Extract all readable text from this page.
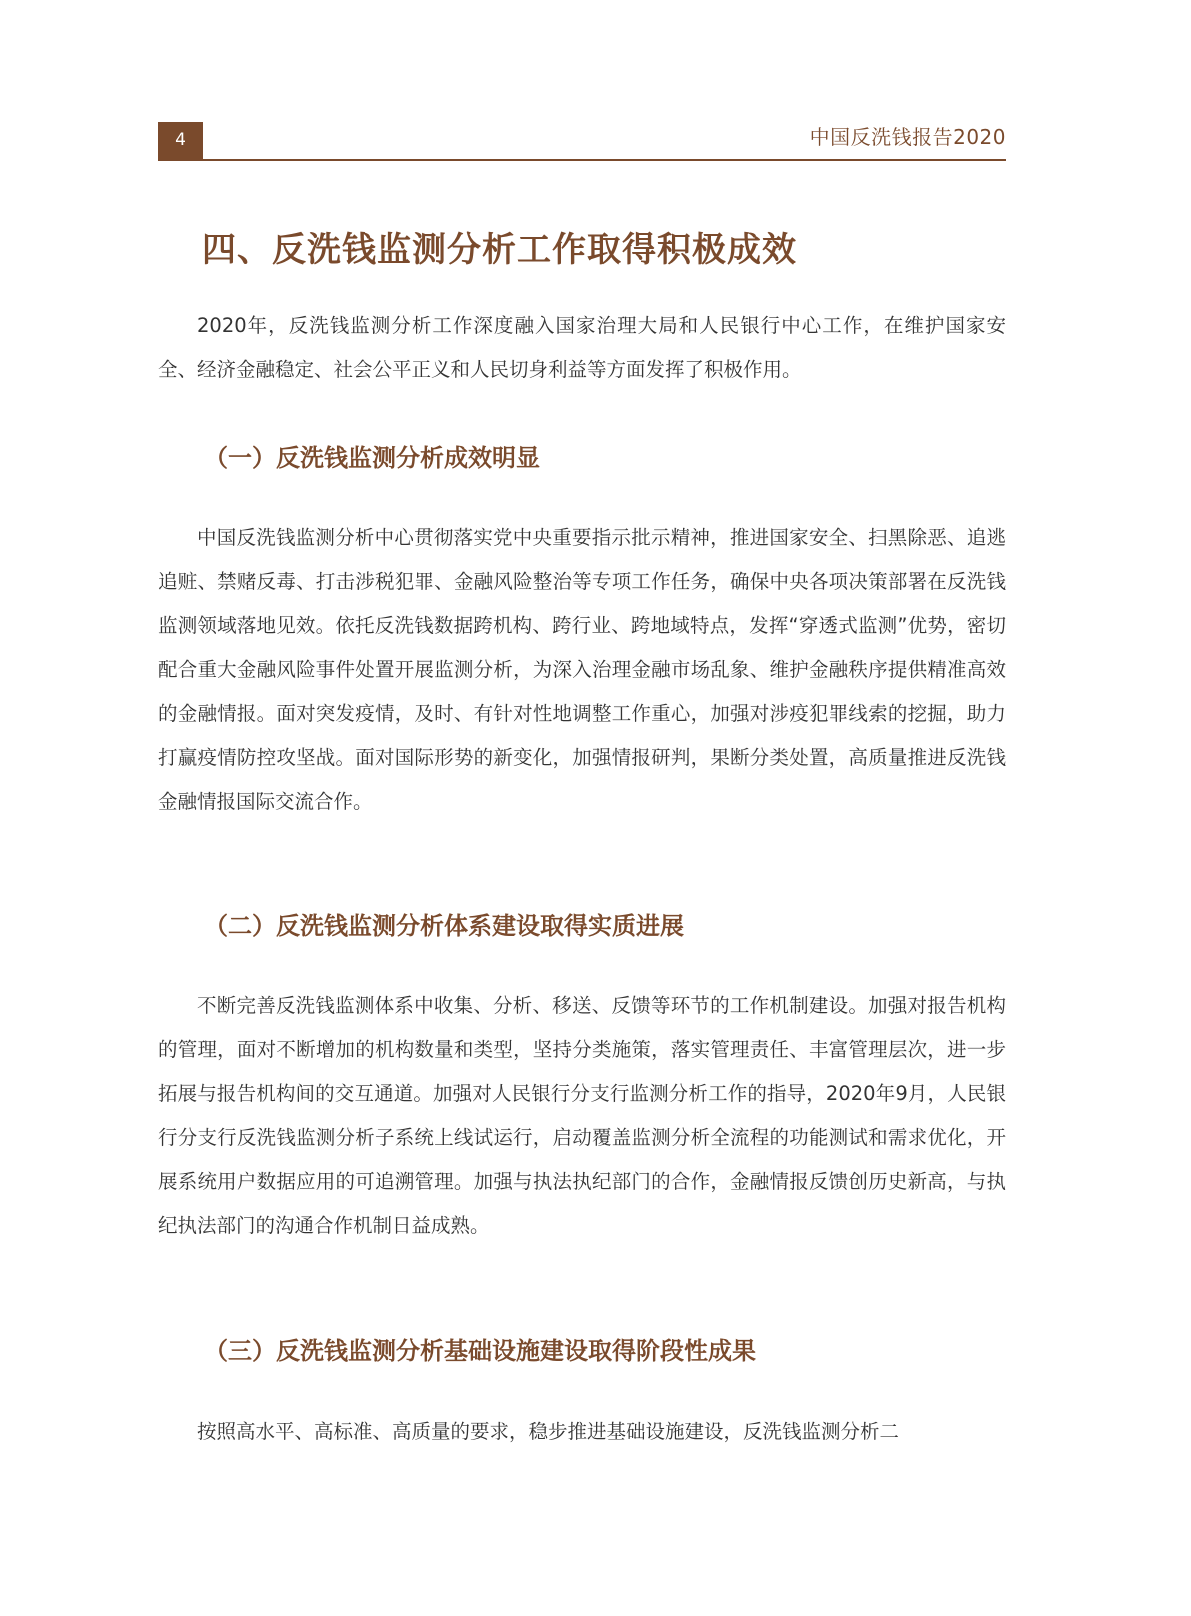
4	中国反洗钱报告2020
四、反洗钱监测分析工作取得积极成效

2020年，反洗钱监测分析工作深度融入国家治理大局和人民银行中心工作，在维护国家安全、经济金融稳定、社会公平正义和人民切身利益等方面发挥了积极作用。

（一）反洗钱监测分析成效明显

中国反洗钱监测分析中心贯彻落实党中央重要指示批示精神，推进国家安全、扫黑除恶、追逃追赃、禁赌反毒、打击涉税犯罪、金融风险整治等专项工作任务，确保中央各项决策部署在反洗钱监测领域落地见效。依托反洗钱数据跨机构、跨行业、跨地域特点，发挥“穿透式监测”优势，密切配合重大金融风险事件处置开展监测分析，为深入治理金融市场乱象、维护金融秩序提供精准高效的金融情报。面对突发疫情，及时、有针对性地调整工作重心，加强对涉疫犯罪线索的挖掘，助力打赢疫情防控攻坚战。面对国际形势的新变化，加强情报研判，果断分类处置，高质量推进反洗钱金融情报国际交流合作。

（二）反洗钱监测分析体系建设取得实质进展

不断完善反洗钱监测体系中收集、分析、移送、反馈等环节的工作机制建设。加强对报告机构的管理，面对不断增加的机构数量和类型，坚持分类施策，落实管理责任、丰富管理层次，进一步拓展与报告机构间的交互通道。加强对人民银行分支行监测分析工作的指导，2020年9月，人民银行分支行反洗钱监测分析子系统上线试运行，启动覆盖监测分析全流程的功能测试和需求优化，开展系统用户数据应用的可追溯管理。加强与执法执纪部门的合作，金融情报反馈创历史新高，与执纪执法部门的沟通合作机制日益成熟。

（三）反洗钱监测分析基础设施建设取得阶段性成果

按照高水平、高标准、高质量的要求，稳步推进基础设施建设，反洗钱监测分析二
